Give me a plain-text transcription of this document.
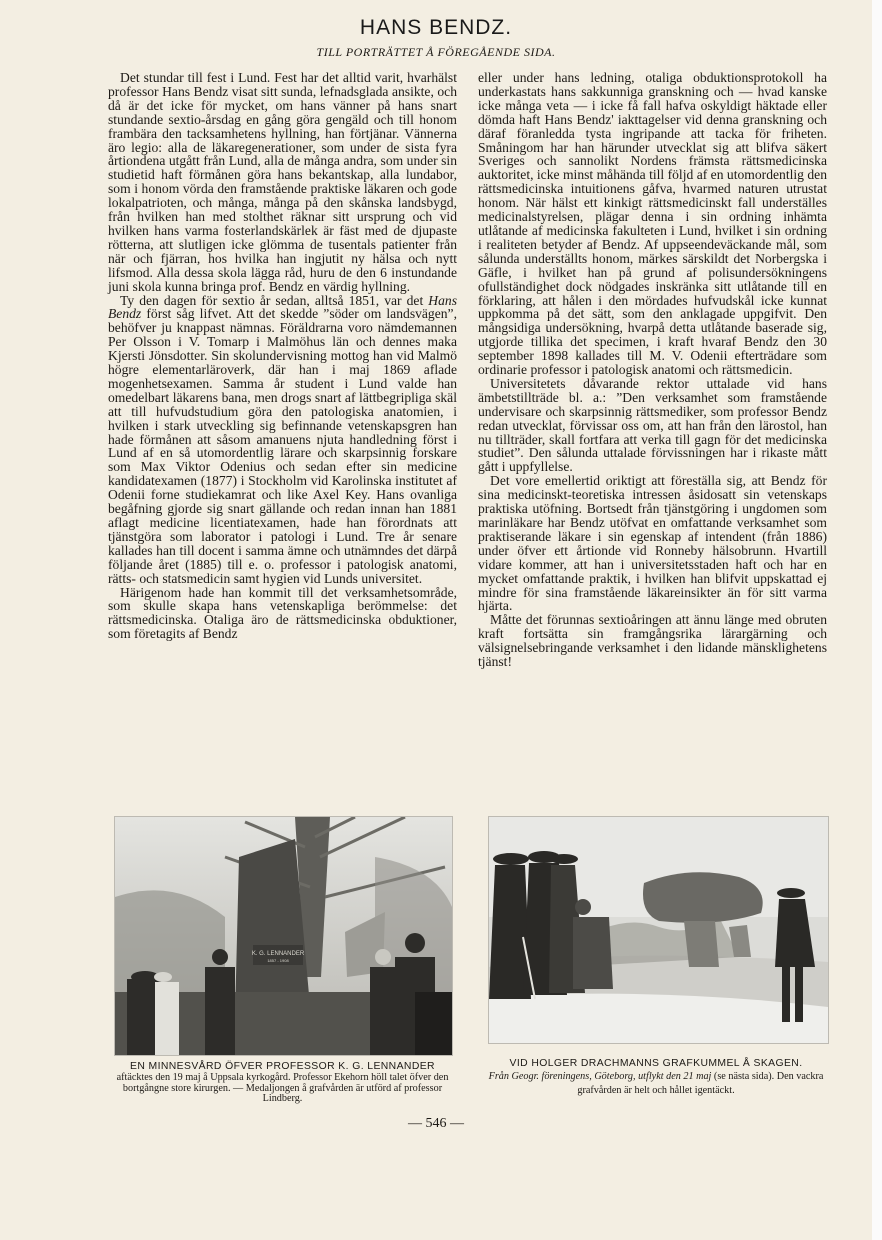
HANS BENDZ.
TILL PORTRÄTTET Å FÖREGÅENDE SIDA.

Det stundar till fest i Lund. Fest har det alltid varit, hvarhälst professor Hans Bendz visat sitt sunda, lefnadsglada ansikte, och då är det icke för mycket, om hans vänner på hans snart stundande sextio-årsdag en gång göra gengäld och till honom frambära den tacksamhetens hyllning, han förtjänar. Vännerna äro legio: alla de läkaregenerationer, som under de sista fyra årtiondena utgått från Lund, alla de många andra, som under sin studietid haft förmånen göra hans bekantskap, alla lundabor, som i honom vörda den framstående praktiske läkaren och gode lokalpatrioten, och många, många på den skånska landsbygd, från hvilken han med stolthet räknar sitt ursprung och vid hvilken hans varma fosterlandskärlek är fäst med de djupaste rötterna, att slutligen icke glömma de tusentals patienter från när och fjärran, hos hvilka han ingjutit ny hälsa och nytt lifsmod. Alla dessa skola lägga råd, huru de den 6 instundande juni skola kunna bringa prof. Bendz en värdig hyllning.

Ty den dagen för sextio år sedan, alltså 1851, var det Hans Bendz först såg lifvet. Att det skedde ”söder om landsvägen”, behöfver ju knappast nämnas. Föräldrarna voro nämdemannen Per Olsson i V. Tomarp i Malmöhus län och dennes maka Kjersti Jönsdotter. Sin skolundervisning mottog han vid Malmö högre elementarläroverk, där han i maj 1869 aflade mogenhetsexamen. Samma år student i Lund valde han omedelbart läkarens bana, men drogs snart af lättbegripliga skäl att till hufvudstudium göra den patologiska anatomien, i hvilken i stark utveckling sig befinnande vetenskapsgren han hade förmånen att såsom amanuens njuta handledning först i Lund af en så utomordentlig lärare och skarpsinnig forskare som Max Viktor Odenius och sedan efter sin medicine kandidatexamen (1877) i Stockholm vid Karolinska institutet af Odenii forne studiekamrat och like Axel Key. Hans ovanliga begåfning gjorde sig snart gällande och redan innan han 1881 aflagt medicine licentiatexamen, hade han förordnats att tjänstgöra som laborator i patologi i Lund. Tre år senare kallades han till docent i samma ämne och utnämndes det därpå följande året (1885) till e. o. professor i patologisk anatomi, rätts- och statsmedicin samt hygien vid Lunds universitet.

Härigenom hade han kommit till det verksamhetsområde, som skulle skapa hans vetenskapliga berömmelse: det rättsmedicinska. Otaliga äro de rättsmedicinska obduktioner, som företagits af Bendz

eller under hans ledning, otaliga obduktionsprotokoll ha underkastats hans sakkunniga granskning och — hvad kanske icke många veta — i icke få fall hafva oskyldigt häktade eller dömda haft Hans Bendz' iakttagelser vid denna granskning och däraf föranledda tysta ingripande att tacka för friheten. Småningom har han härunder utvecklat sig att blifva säkert Sveriges och sannolikt Nordens främsta rättsmedicinska auktoritet, icke minst måhända till följd af en utomordentlig den rättsmedicinska intuitionens gåfva, hvarmed naturen utrustat honom. När hälst ett kinkigt rättsmedicinskt fall underställes medicinalstyrelsen, plägar denna i sin ordning inhämta utlåtande af medicinska fakulteten i Lund, hvilket i sin ordning i realiteten betyder af Bendz. Af uppseendeväckande mål, som sålunda underställts honom, märkes särskildt det Norbergska i Gäfle, i hvilket han på grund af polisundersökningens ofullständighet dock nödgades inskränka sitt utlåtande till en förklaring, att hålen i den mördades hufvudskål icke kunnat uppkomma på det sätt, som den anklagade uppgifvit. Den mångsidiga undersökning, hvarpå detta utlåtande baserade sig, utgjorde tillika det specimen, i kraft hvaraf Bendz den 30 september 1898 kallades till M. V. Odenii efterträdare som ordinarie professor i patologisk anatomi och rättsmedicin.

Universitetets dåvarande rektor uttalade vid hans ämbetstillträde bl. a.: ”Den verksamhet som framstående undervisare och skarpsinnig rättsmediker, som professor Bendz redan utvecklat, förvissar oss om, att han från den lärostol, han nu tillträder, skall fortfara att verka till gagn för det medicinska studiet”. Den sålunda uttalade förvissningen har i rikaste mått gått i uppfyllelse.

Det vore emellertid oriktigt att föreställa sig, att Bendz för sina medicinskt-teoretiska intressen åsidosatt sin vetenskaps praktiska utöfning. Bortsedt från tjänstgöring i ungdomen som marinläkare har Bendz utöfvat en omfattande verksamhet som praktiserande läkare i sin egenskap af intendent (från 1886) under öfver ett årtionde vid Ronneby hälsobrunn. Hvartill vidare kommer, att han i universitetsstaden haft och har en mycket omfattande praktik, i hvilken han blifvit uppskattad ej mindre för sina framstående läkareinsikter än för sitt varma hjärta.

Måtte det förunnas sextioåringen att ännu länge med obruten kraft fortsätta sin framgångsrika lärargärning och välsignelsebringande verksamhet i den lidande mänsklighetens tjänst!

K. G. LENNANDER
1857 - 1908
EN MINNESVÅRD ÖFVER PROFESSOR K. G. LENNANDER
aftäcktes den 19 maj å Uppsala kyrkogård. Professor Ekehorn höll talet öfver den bortgångne store kirurgen. — Medaljongen å grafvården är utförd af professor Lindberg.
VID HOLGER DRACHMANNS GRAFKUMMEL Å SKAGEN.
Från Geogr. föreningens, Göteborg, utflykt den 21 maj (se nästa sida). Den vackra grafvården är helt och hållet igentäckt.
— 546 —
